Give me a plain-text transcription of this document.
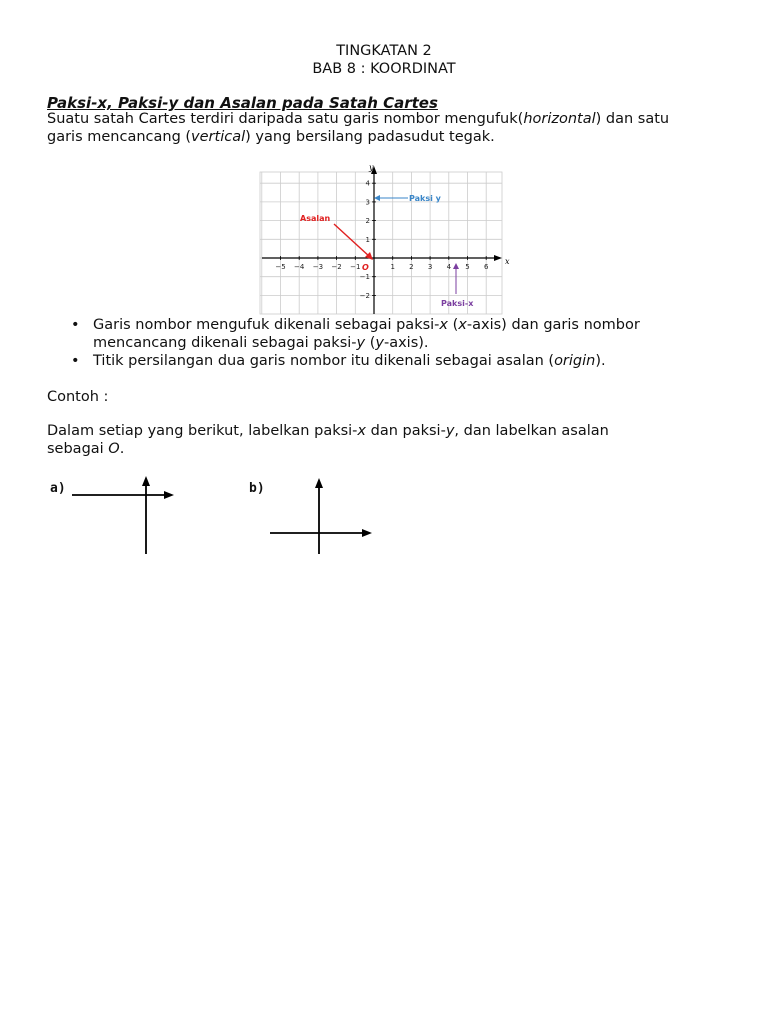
TINGKATAN 2
BAB 8 : KOORDINAT
Paksi-x, Paksi-y dan Asalan pada Satah Cartes
Suatu satah Cartes terdiri daripada satu garis nombor mengufuk(horizontal) dan satu
garis mencancang (vertical) yang bersilang padasudut tegak.
−5 −4 −3 −2 −1	1 2 3 4 5 6
4
3
2
1
−1
−2
y
x
O
Asalan
Paksi y
Paksi-x
• Garis nombor mengufuk dikenali sebagai paksi-x (x-axis) dan garis nombor
mencancang dikenali sebagai paksi-y (y-axis).
• Titik persilangan dua garis nombor itu dikenali sebagai asalan (origin).
Contoh :
Dalam setiap yang berikut, labelkan paksi-x dan paksi-y, dan labelkan asalan
sebagai O.
a)	b)
